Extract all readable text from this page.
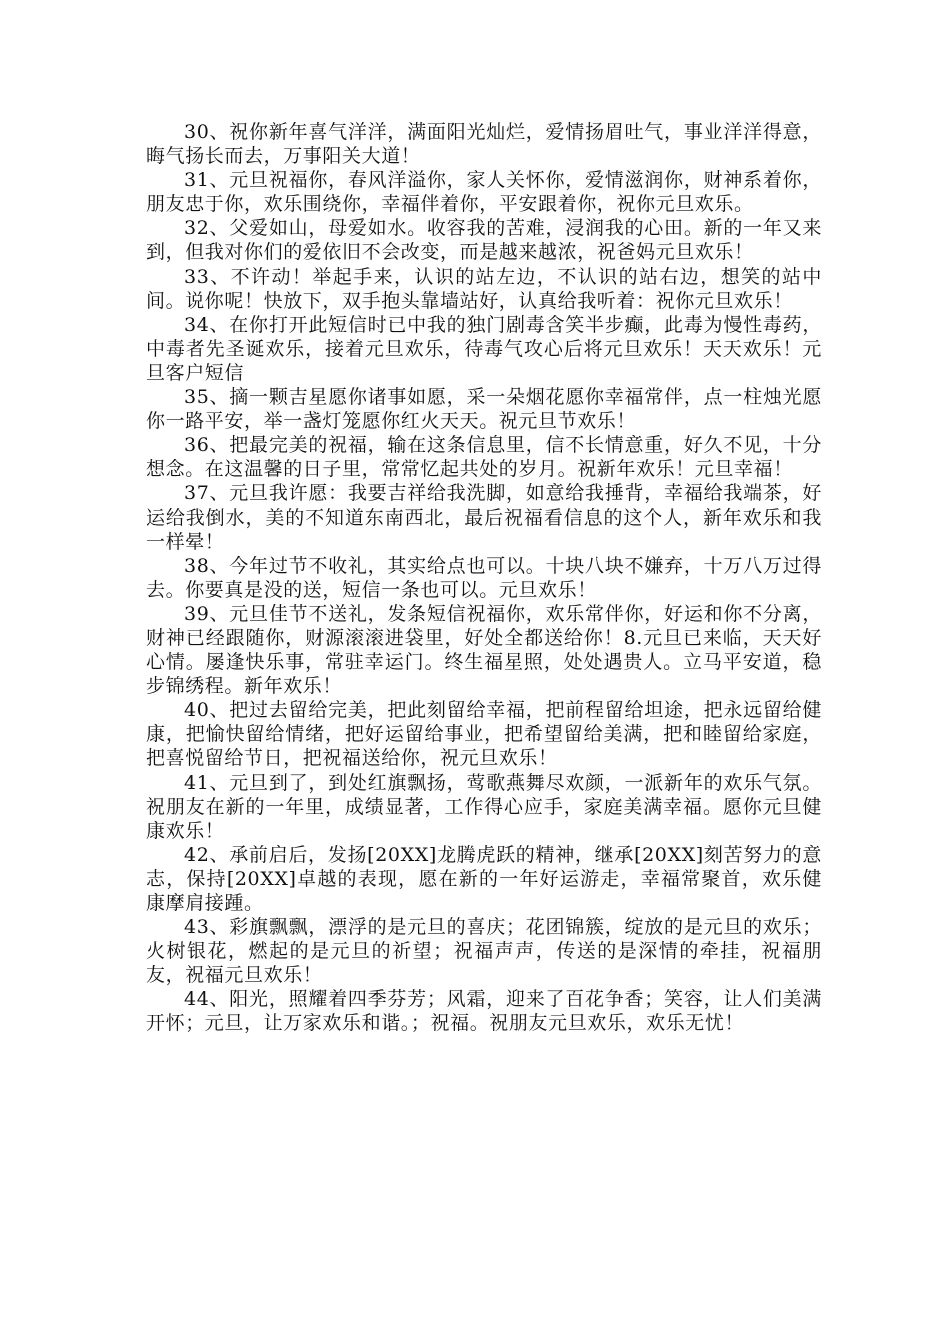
30、祝你新年喜气洋洋，满面阳光灿烂，爱情扬眉吐气，事业洋洋得意，晦气扬长而去，万事阳关大道！

31、元旦祝福你，春风洋溢你，家人关怀你，爱情滋润你，财神系着你，朋友忠于你，欢乐围绕你，幸福伴着你，平安跟着你，祝你元旦欢乐。

32、父爱如山，母爱如水。收容我的苦难，浸润我的心田。新的一年又来到，但我对你们的爱依旧不会改变，而是越来越浓，祝爸妈元旦欢乐！

33、不许动！举起手来，认识的站左边，不认识的站右边，想笑的站中间。说你呢！快放下，双手抱头靠墙站好，认真给我听着：祝你元旦欢乐！

34、在你打开此短信时已中我的独门剧毒含笑半步癫，此毒为慢性毒药，中毒者先圣诞欢乐，接着元旦欢乐，待毒气攻心后将元旦欢乐！天天欢乐！元旦客户短信

35、摘一颗吉星愿你诸事如愿，采一朵烟花愿你幸福常伴，点一柱烛光愿你一路平安，举一盏灯笼愿你红火天天。祝元旦节欢乐！

36、把最完美的祝福，输在这条信息里，信不长情意重，好久不见，十分想念。在这温馨的日子里，常常忆起共处的岁月。祝新年欢乐！元旦幸福！

37、元旦我许愿：我要吉祥给我洗脚，如意给我捶背，幸福给我端茶，好运给我倒水，美的不知道东南西北，最后祝福看信息的这个人，新年欢乐和我一样晕！

38、今年过节不收礼，其实给点也可以。十块八块不嫌弃，十万八万过得去。你要真是没的送，短信一条也可以。元旦欢乐！

39、元旦佳节不送礼，发条短信祝福你，欢乐常伴你，好运和你不分离，财神已经跟随你，财源滚滚进袋里，好处全都送给你！8.元旦已来临，天天好心情。屡逢快乐事，常驻幸运门。终生福星照，处处遇贵人。立马平安道，稳步锦绣程。新年欢乐！

40、把过去留给完美，把此刻留给幸福，把前程留给坦途，把永远留给健康，把愉快留给情绪，把好运留给事业，把希望留给美满，把和睦留给家庭，把喜悦留给节日，把祝福送给你，祝元旦欢乐！

41、元旦到了，到处红旗飘扬，莺歌燕舞尽欢颜，一派新年的欢乐气氛。祝朋友在新的一年里，成绩显著，工作得心应手，家庭美满幸福。愿你元旦健康欢乐！

42、承前启后，发扬[20XX]龙腾虎跃的精神，继承[20XX]刻苦努力的意志，保持[20XX]卓越的表现，愿在新的一年好运游走，幸福常聚首，欢乐健康摩肩接踵。

43、彩旗飘飘，漂浮的是元旦的喜庆；花团锦簇，绽放的是元旦的欢乐；火树银花，燃起的是元旦的祈望；祝福声声，传送的是深情的牵挂，祝福朋友，祝福元旦欢乐！

44、阳光，照耀着四季芬芳；风霜，迎来了百花争香；笑容，让人们美满开怀；元旦，让万家欢乐和谐。；祝福。祝朋友元旦欢乐，欢乐无忧！
